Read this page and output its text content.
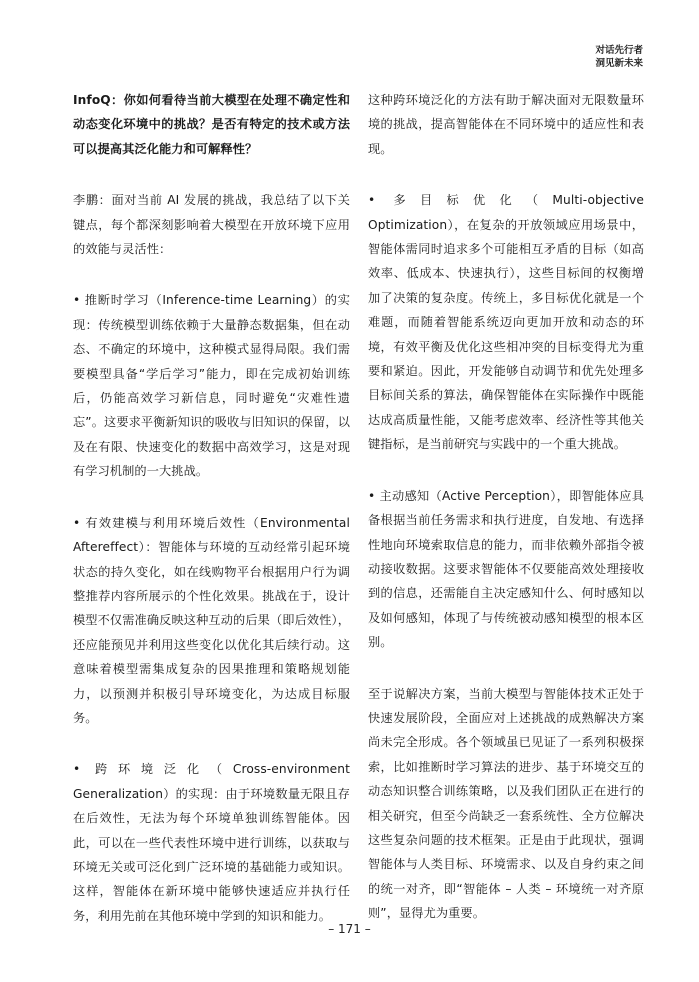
对话先行者
洞见新未来

InfoQ：你如何看待当前大模型在处理不确定性和动态变化环境中的挑战？是否有特定的技术或方法可以提高其泛化能力和可解释性？

李鹏：面对当前 AI 发展的挑战，我总结了以下关键点，每个都深刻影响着大模型在开放环境下应用的效能与灵活性：

• 推断时学习（Inference-time Learning）的实现：传统模型训练依赖于大量静态数据集，但在动态、不确定的环境中，这种模式显得局限。我们需要模型具备“学后学习”能力，即在完成初始训练后，仍能高效学习新信息，同时避免“灾难性遗忘”。这要求平衡新知识的吸收与旧知识的保留，以及在有限、快速变化的数据中高效学习，这是对现有学习机制的一大挑战。

• 有效建模与利用环境后效性（Environmental Aftereffect）：智能体与环境的互动经常引起环境状态的持久变化，如在线购物平台根据用户行为调整推荐内容所展示的个性化效果。挑战在于，设计模型不仅需准确反映这种互动的后果（即后效性），还应能预见并利用这些变化以优化其后续行动。这意味着模型需集成复杂的因果推理和策略规划能力，以预测并积极引导环境变化，为达成目标服务。

• 跨环境泛化（Cross-environment Generalization）的实现：由于环境数量无限且存在后效性，无法为每个环境单独训练智能体。因此，可以在一些代表性环境中进行训练，以获取与环境无关或可泛化到广泛环境的基础能力或知识。这样，智能体在新环境中能够快速适应并执行任务，利用先前在其他环境中学到的知识和能力。

这种跨环境泛化的方法有助于解决面对无限数量环境的挑战，提高智能体在不同环境中的适应性和表现。

• 多目标优化（Multi-objective Optimization），在复杂的开放领域应用场景中，智能体需同时追求多个可能相互矛盾的目标（如高效率、低成本、快速执行），这些目标间的权衡增加了决策的复杂度。传统上，多目标优化就是一个难题，而随着智能系统迈向更加开放和动态的环境，有效平衡及优化这些相冲突的目标变得尤为重要和紧迫。因此，开发能够自动调节和优先处理多目标间关系的算法，确保智能体在实际操作中既能达成高质量性能，又能考虑效率、经济性等其他关键指标，是当前研究与实践中的一个重大挑战。

• 主动感知（Active Perception），即智能体应具备根据当前任务需求和执行进度，自发地、有选择性地向环境索取信息的能力，而非依赖外部指令被动接收数据。这要求智能体不仅要能高效处理接收到的信息，还需能自主决定感知什么、何时感知以及如何感知，体现了与传统被动感知模型的根本区别。

至于说解决方案，当前大模型与智能体技术正处于快速发展阶段，全面应对上述挑战的成熟解决方案尚未完全形成。各个领域虽已见证了一系列积极探索，比如推断时学习算法的进步、基于环境交互的动态知识整合训练策略，以及我们团队正在进行的相关研究，但至今尚缺乏一套系统性、全方位解决这些复杂问题的技术框架。正是由于此现状，强调智能体与人类目标、环境需求、以及自身约束之间的统一对齐，即“智能体 – 人类 – 环境统一对齐原则”，显得尤为重要。

– 171 –
